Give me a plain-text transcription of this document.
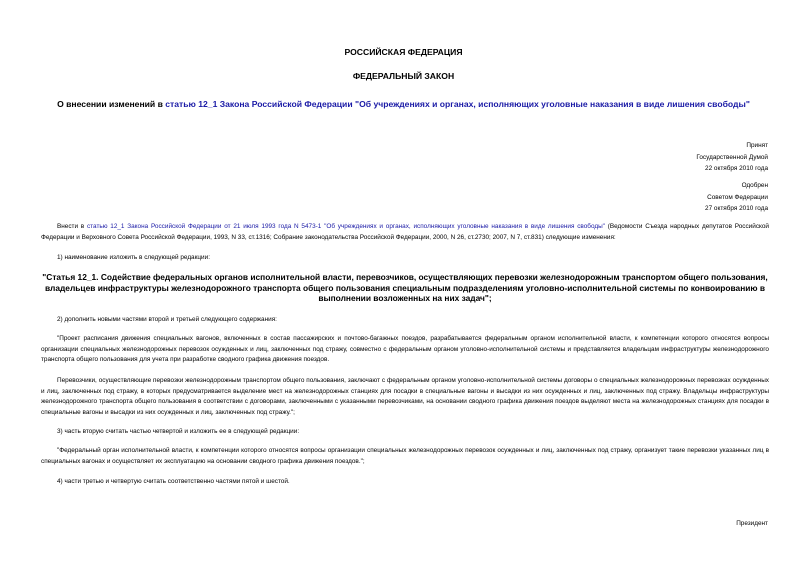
РОССИЙСКАЯ ФЕДЕРАЦИЯ
ФЕДЕРАЛЬНЫЙ ЗАКОН
О внесении изменений в статью 12_1 Закона Российской Федерации "Об учреждениях и органах, исполняющих уголовные наказания в виде лишения свободы"
Принят
Государственной Думой
22 октября 2010 года
Одобрен
Советом Федерации
27 октября 2010 года
Внести в статью 12_1 Закона Российской Федерации от 21 июля 1993 года N 5473-1 "Об учреждениях и органах, исполняющих уголовные наказания в виде лишения свободы" (Ведомости Съезда народных депутатов Российской Федерации и Верховного Совета Российской Федерации, 1993, N 33, ст.1316; Собрание законодательства Российской Федерации, 2000, N 26, ст.2730; 2007, N 7, ст.831) следующие изменения:
1) наименование изложить в следующей редакции:
"Статья 12_1. Содействие федеральных органов исполнительной власти, перевозчиков, осуществляющих перевозки железнодорожным транспортом общего пользования, владельцев инфраструктуры железнодорожного транспорта общего пользования специальным подразделениям уголовно-исполнительной системы по конвоированию в выполнении возложенных на них задач";
2) дополнить новыми частями второй и третьей следующего содержания:
"Проект расписания движения специальных вагонов, включенных в состав пассажирских и почтово-багажных поездов, разрабатывается федеральным органом исполнительной власти, к компетенции которого относятся вопросы организации специальных железнодорожных перевозок осужденных и лиц, заключенных под стражу, совместно с федеральным органом уголовно-исполнительной системы и представляется владельцам инфраструктуры железнодорожного транспорта общего пользования для учета при разработке сводного графика движения поездов.
Перевозчики, осуществляющие перевозки железнодорожным транспортом общего пользования, заключают с федеральным органом уголовно-исполнительной системы договоры о специальных железнодорожных перевозках осужденных и лиц, заключенных под стражу, в которых предусматривается выделение мест на железнодорожных станциях для посадки в специальные вагоны и высадки из них осужденных и лиц, заключенных под стражу. Владельцы инфраструктуры железнодорожного транспорта общего пользования в соответствии с договорами, заключенными с указанными перевозчиками, на основании сводного графика движения поездов выделяют места на железнодорожных станциях для посадки в специальные вагоны и высадки из них осужденных и лиц, заключенных под стражу.";
3) часть вторую считать частью четвертой и изложить ее в следующей редакции:
"Федеральный орган исполнительной власти, к компетенции которого относятся вопросы организации специальных железнодорожных перевозок осужденных и лиц, заключенных под стражу, организует такие перевозки указанных лиц в специальных вагонах и осуществляет их эксплуатацию на основании сводного графика движения поездов.";
4) части третью и четвертую считать соответственно частями пятой и шестой.
Президент
